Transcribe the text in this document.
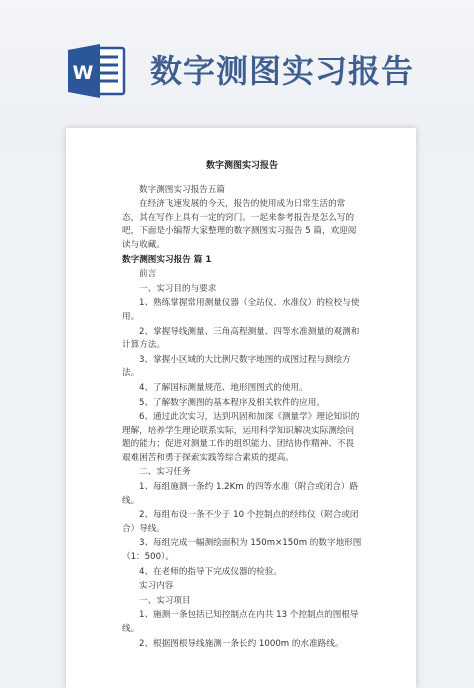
W 数字测图实习报告
数字测图实习报告
数字测图实习报告五篇
在经济飞速发展的今天，报告的使用成为日常生活的常态，其在写作上具有一定的窍门。一起来参考报告是怎么写的吧，下面是小编帮大家整理的数字测图实习报告 5 篇，欢迎阅读与收藏。
数字测图实习报告 篇 1
前言
一、实习目的与要求
1、熟练掌握常用测量仪器（全站仪、水准仪）的检校与使用。
2、掌握导线测量、三角高程测量、四等水准测量的观测和计算方法。
3、掌握小区域的大比例尺数字地图的成图过程与测绘方法。
4、了解国标测量规范、地形图图式的使用。
5、了解数字测图的基本程序及相关软件的应用。
6、通过此次实习，达到巩固和加深《测量学》理论知识的理解，培养学生理论联系实际，运用科学知识解决实际测绘问题的能力；促进对测量工作的组织能力、团结协作精神、不畏艰难困苦和勇于探索实践等综合素质的提高。
二、实习任务
1、每组施测一条约 1.2Km 的四等水准（附合或闭合）路线。
2、每组布设一条不少于 10 个控制点的经纬仪（附合或闭合）导线。
3、每组完成一幅测绘面积为 150m×150m 的数字地形图（1：500）。
4、在老师的指导下完成仪器的检验。
实习内容
一、实习项目
1、施测一条包括已知控制点在内共 13 个控制点的图根导线。
2、根据图根导线施测一条长约 1000m 的水准路线。
